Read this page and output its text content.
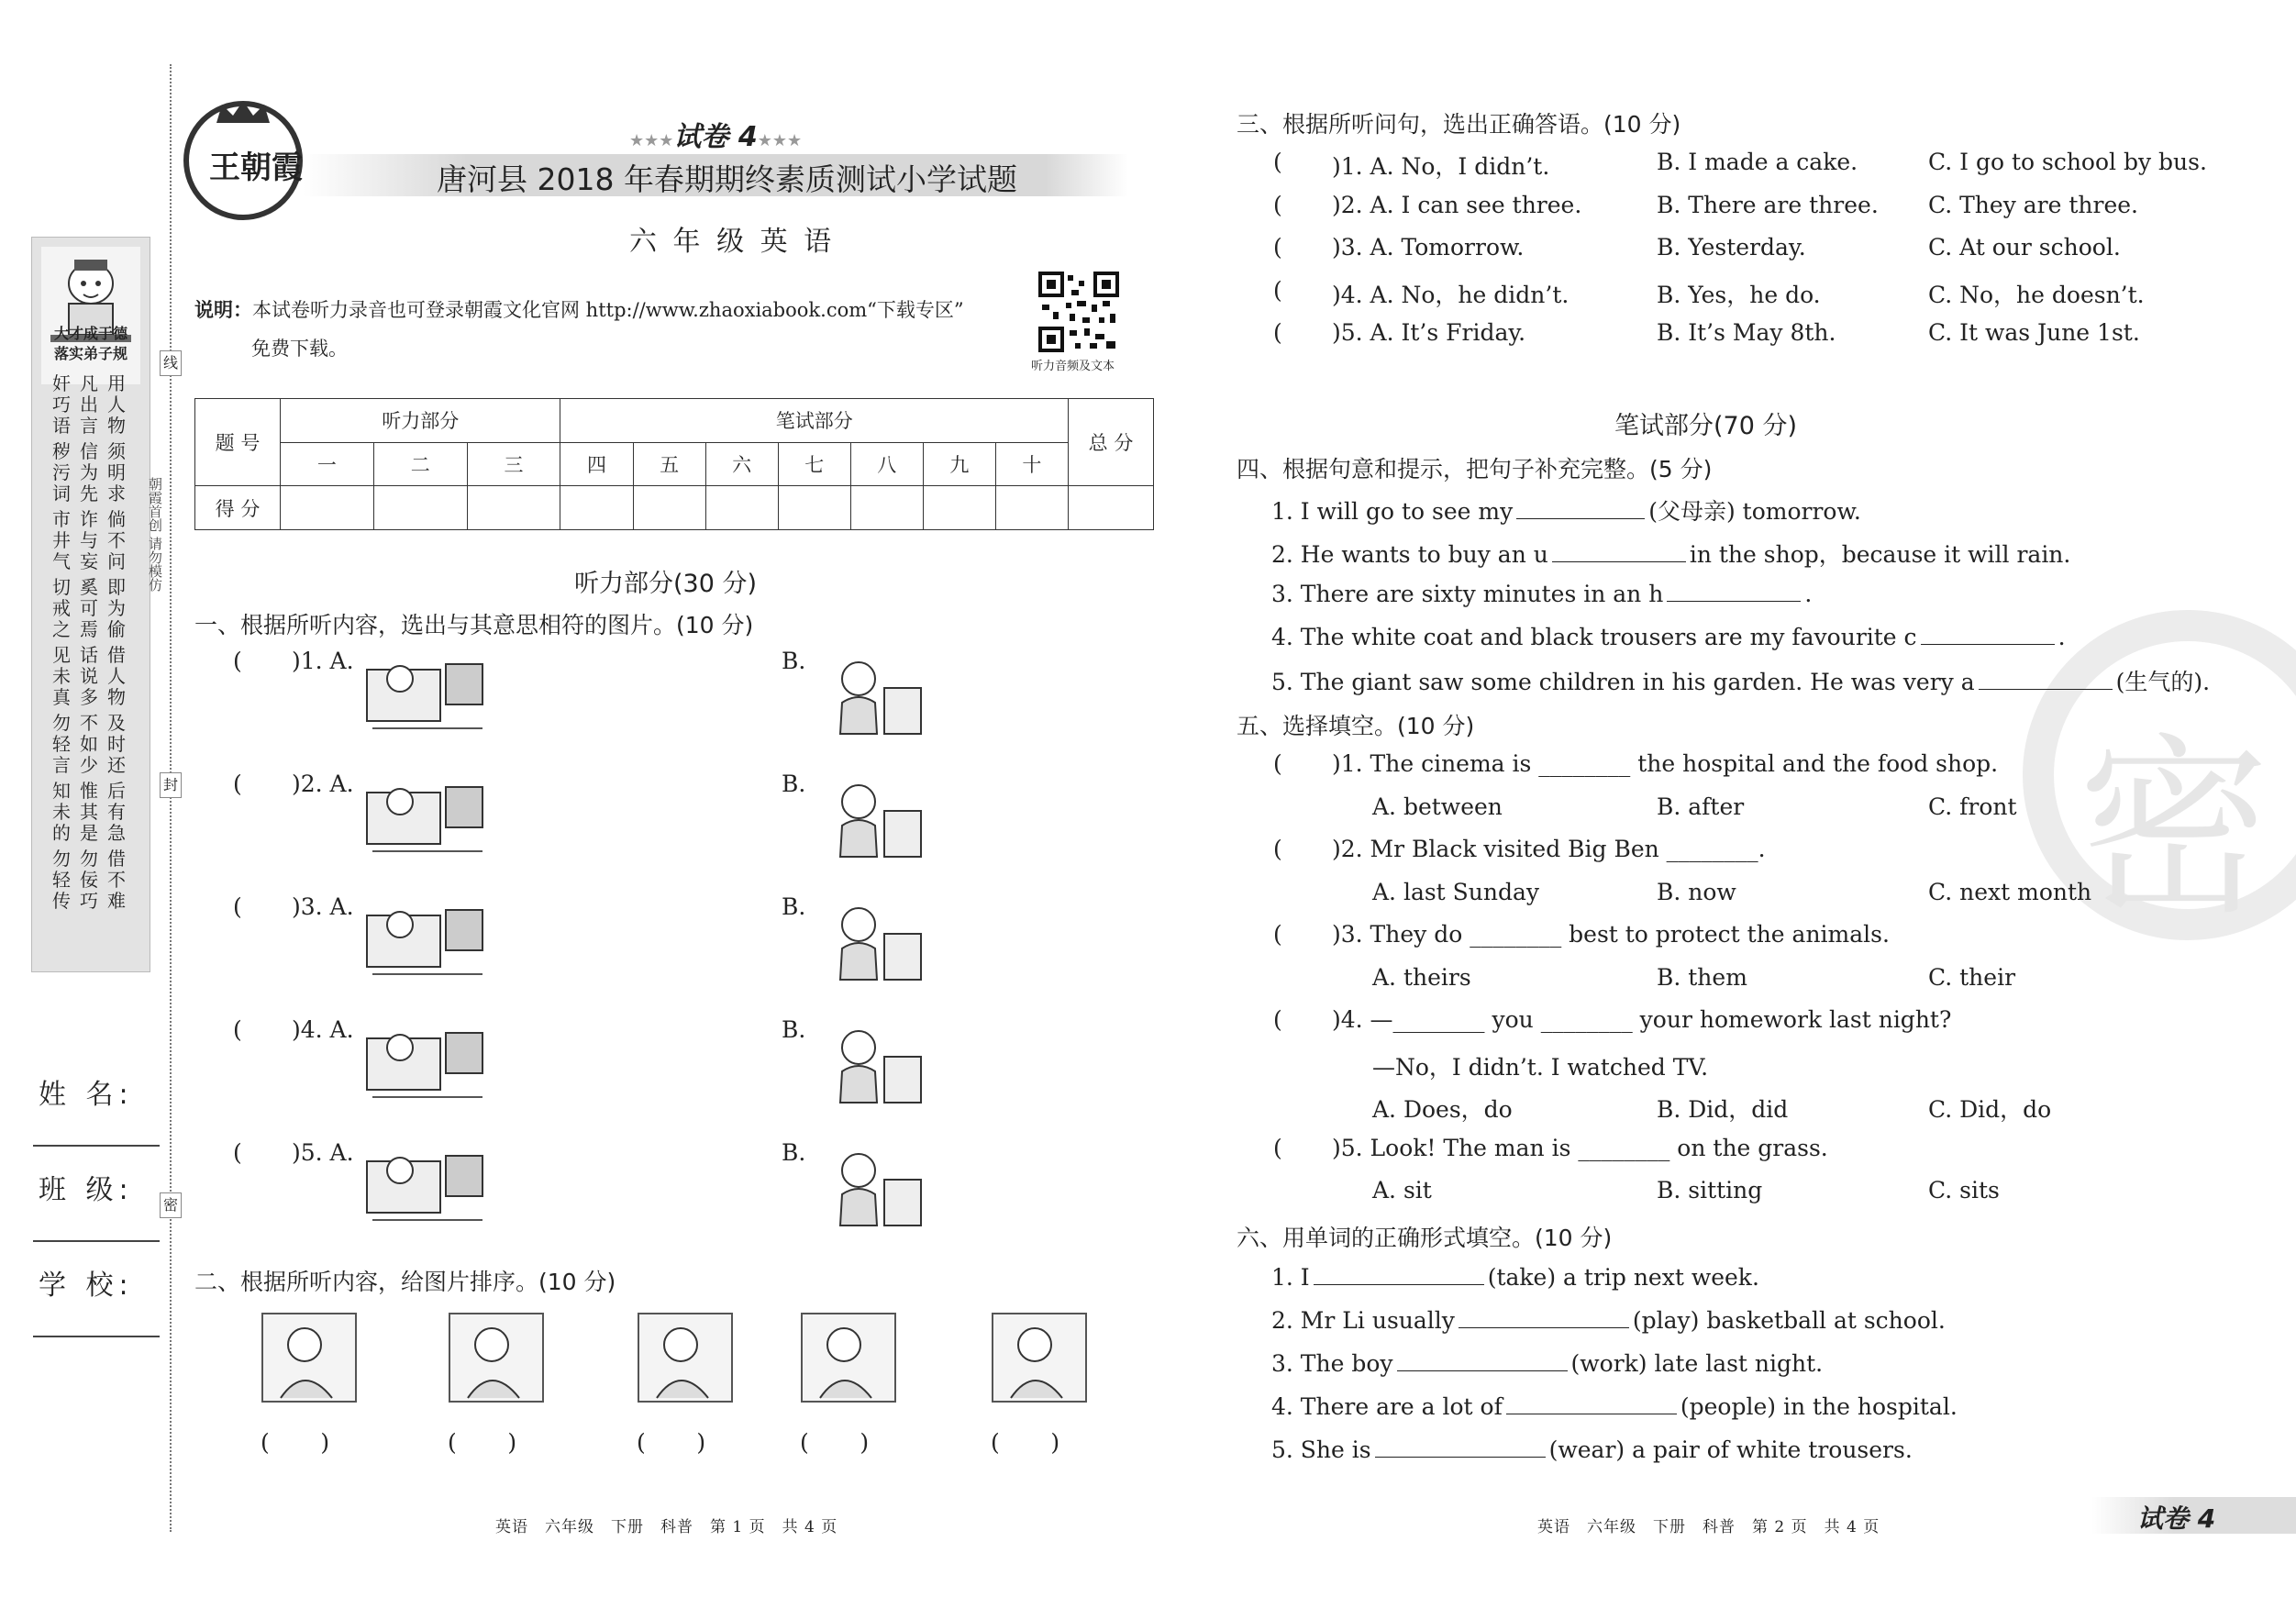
大才成于德
落实弟子规
奸凡用
巧出人
语言物
秽信须
污为明
词先求
市诈倘
井与不
气妄问
切奚即
戒可为
之焉偷
见话借
未说人
真多物
勿不及
轻如时
言少还
知惟后
未其有
的是急
勿勿借
轻佞不
传巧难
姓 名:
班 级:
学 校:
线
封
密
朝霞首创 请勿模仿
王朝霞
★★★试卷 4★★★
唐河县 2018 年春期期终素质测试小学试题
六 年 级 英 语
说明：本试卷听力录音也可登录朝霞文化官网 http://www.zhaoxiabook.com“下载专区”
免费下载。
听力音频及文本
题 号	听力部分			笔试部分							总 分
	一	二	三	四	五	六	七	八	九	十	
得 分											
听力部分(30 分)
一、根据所听内容，选出与其意思相符的图片。(10 分)
( )1. A.	B.
( )2. A.	B.
( )3. A.	B.
( )4. A.	B.
( )5. A.	B.
二、根据所听内容，给图片排序。(10 分)
(       )	(       )	(       )	(       )	(       )
英语　六年级　下册　科普　第 1 页　共 4 页
密
三、根据所听问句，选出正确答语。(10 分)
( )1. A. No，I didn’t.	B. I made a cake.	C. I go to school by bus.
( )2. A. I can see three.	B. There are three. C. They are three.
( )3. A. Tomorrow.	B. Yesterday.	C. At our school.
( )4. A. No，he didn’t.	B. Yes，he do.	C. No，he doesn’t.
( )5. A. It’s Friday.	B. It’s May 8th.	C. It was June 1st.
笔试部分(70 分)
四、根据句意和提示，把句子补充完整。(5 分)
1. I will go to see my	(父母亲) tomorrow.
2. He wants to buy an u	in the shop，because it will rain.
3. There are sixty minutes in an h	.
4. The white coat and black trousers are my favourite c	.
5. The giant saw some children in his garden. He was very a	(生气的).
五、选择填空。(10 分)
( )1. The cinema is ________ the hospital and the food shop.
A. between	B. after	C. front
( )2. Mr Black visited Big Ben ________.
A. last Sunday	B. now	C. next month
( )3. They do ________ best to protect the animals.
A. theirs	B. them	C. their
( )4. —________ you ________ your homework last night?
—No，I didn’t. I watched TV.
A. Does，do	B. Did，did	C. Did，do
( )5. Look! The man is ________ on the grass.
A. sit	B. sitting	C. sits
六、用单词的正确形式填空。(10 分)
1. I	(take) a trip next week.
2. Mr Li usually	(play) basketball at school.
3. The boy	(work) late last night.
4. There are a lot of	(people) in the hospital.
5. She is	(wear) a pair of white trousers.
英语　六年级　下册　科普　第 2 页　共 4 页	试卷 4
